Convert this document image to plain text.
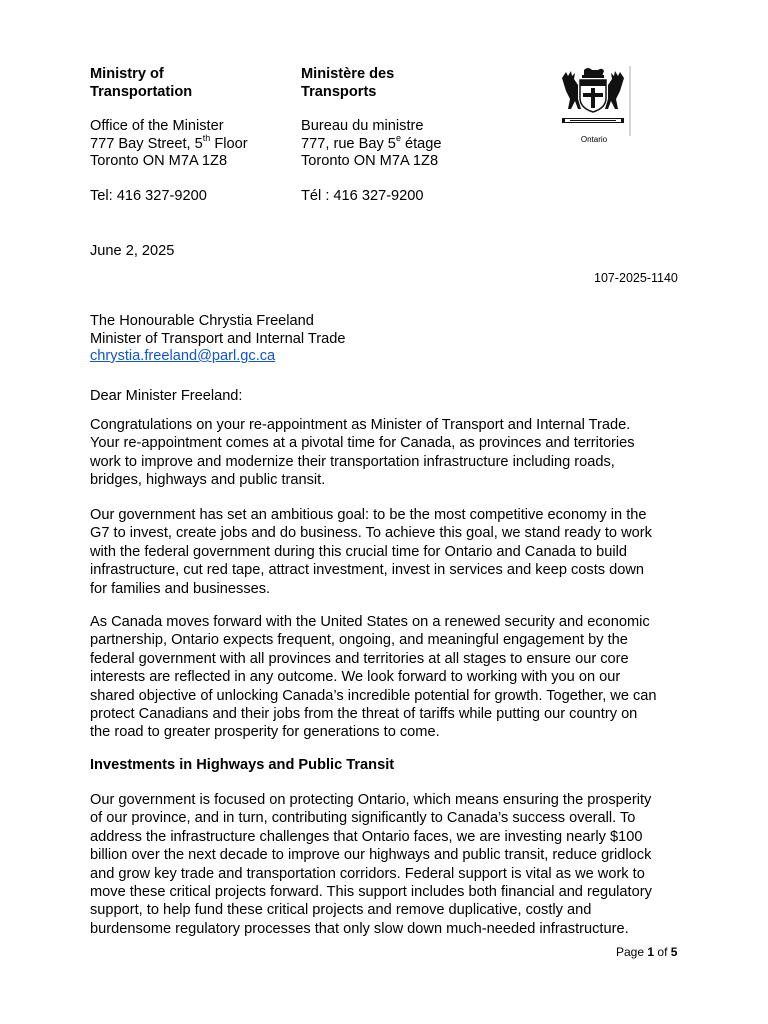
Ministry of
Transportation
Office of the Minister
777 Bay Street, 5th Floor
Toronto ON M7A 1Z8
Tel: 416 327-9200
Ministère des
Transports
Bureau du ministre
777, rue Bay 5e étage
Toronto ON M7A 1Z8
Tél : 416 327-9200
Ontario
June 2, 2025
107-2025-1140
The Honourable Chrystia Freeland
Minister of Transport and Internal Trade
chrystia.freeland@parl.gc.ca
Dear Minister Freeland:
Congratulations on your re-appointment as Minister of Transport and Internal Trade.
Your re-appointment comes at a pivotal time for Canada, as provinces and territories
work to improve and modernize their transportation infrastructure including roads,
bridges, highways and public transit.
Our government has set an ambitious goal: to be the most competitive economy in the
G7 to invest, create jobs and do business. To achieve this goal, we stand ready to work
with the federal government during this crucial time for Ontario and Canada to build
infrastructure, cut red tape, attract investment, invest in services and keep costs down
for families and businesses.
As Canada moves forward with the United States on a renewed security and economic
partnership, Ontario expects frequent, ongoing, and meaningful engagement by the
federal government with all provinces and territories at all stages to ensure our core
interests are reflected in any outcome. We look forward to working with you on our
shared objective of unlocking Canada’s incredible potential for growth. Together, we can
protect Canadians and their jobs from the threat of tariffs while putting our country on
the road to greater prosperity for generations to come.
Investments in Highways and Public Transit
Our government is focused on protecting Ontario, which means ensuring the prosperity
of our province, and in turn, contributing significantly to Canada’s success overall. To
address the infrastructure challenges that Ontario faces, we are investing nearly $100
billion over the next decade to improve our highways and public transit, reduce gridlock
and grow key trade and transportation corridors. Federal support is vital as we work to
move these critical projects forward. This support includes both financial and regulatory
support, to help fund these critical projects and remove duplicative, costly and
burdensome regulatory processes that only slow down much-needed infrastructure.
Page 1 of 5
